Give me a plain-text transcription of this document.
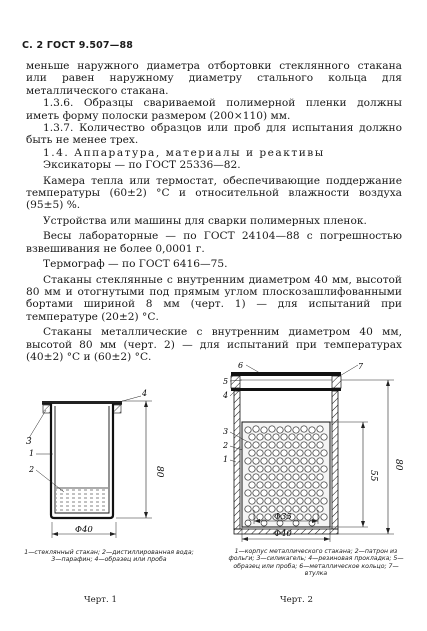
С. 2 ГОСТ 9.507—88

меньше наружного диаметра отбортовки стеклянного стакана или равен наружному диаметру стального кольца для металлического стакана.

1.3.6. Образцы свариваемой полимерной пленки должны иметь форму полоски размером (200×110) мм.

1.3.7. Количество образцов или проб для испытания должно быть не менее трех.

1.4. Аппаратура, материалы и реактивы

Эксикаторы — по ГОСТ 25336—82.

Камера тепла или термостат, обеспечивающие поддержание температуры (60±2) °С и относительной влажности воздуха (95±5) %.

Устройства или машины для сварки полимерных пленок.

Весы лабораторные — по ГОСТ 24104—88 с погрешностью взвешивания не более 0,0001 г.

Термограф — по ГОСТ 6416—75.

Стаканы стеклянные с внутренним диаметром 40 мм, высотой 80 мм и отогнутыми под прямым углом плоскозашлифованными бортами шириной 8 мм (черт. 1) — для испытаний при температуре (20±2) °С.

Стаканы металлические с внутренним диаметром 40 мм, высотой 80 мм (черт. 2) — для испытаний при температурах (40±2) °С и (60±2) °С.

80
4
3
1
2
Φ40
1—стеклянный стакан; 2—дистиллированная вода; 3—парафин; 4—образец или проба
Черт. 1
80
55
6	7
5
4
3
2
1
Φ35
Φ40
1—корпус металлического стакана; 2—патрон из фольги; 3—силикагель; 4—резиновая прокладка; 5—образец или проба; 6—металлическое кольцо; 7—втулка
Черт. 2
